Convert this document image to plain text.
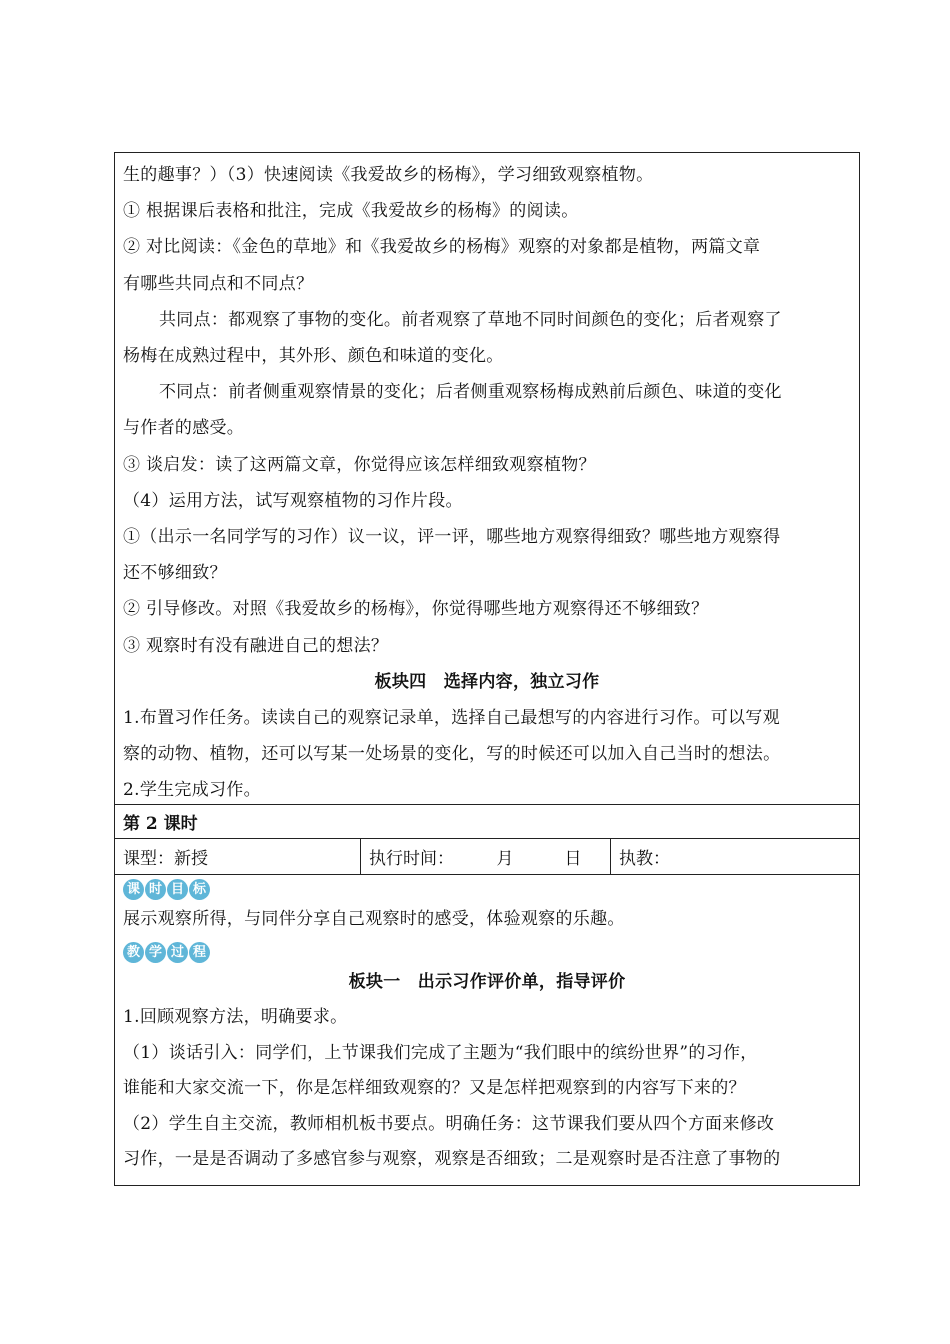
生的趣事？）（3）快速阅读《我爱故乡的杨梅》，学习细致观察植物。
① 根据课后表格和批注，完成《我爱故乡的杨梅》的阅读。
② 对比阅读：《金色的草地》和《我爱故乡的杨梅》观察的对象都是植物，两篇文章
有哪些共同点和不同点？
共同点：都观察了事物的变化。前者观察了草地不同时间颜色的变化；后者观察了
杨梅在成熟过程中，其外形、颜色和味道的变化。
不同点：前者侧重观察情景的变化；后者侧重观察杨梅成熟前后颜色、味道的变化
与作者的感受。
③ 谈启发：读了这两篇文章，你觉得应该怎样细致观察植物？
（4）运用方法，试写观察植物的习作片段。
①（出示一名同学写的习作）议一议，评一评，哪些地方观察得细致？哪些地方观察得
还不够细致？
② 引导修改。对照《我爱故乡的杨梅》，你觉得哪些地方观察得还不够细致？
③ 观察时有没有融进自己的想法？
板块四　选择内容，独立习作
1.布置习作任务。读读自己的观察记录单，选择自己最想写的内容进行习作。可以写观
察的动物、植物，还可以写某一处场景的变化，写的时候还可以加入自己当时的想法。
2.学生完成习作。
第 2 课时
课型：新授	执行时间：　　　月　　　日 执教：
课 时 目 标
展示观察所得，与同伴分享自己观察时的感受，体验观察的乐趣。
教 学 过 程
板块一　出示习作评价单，指导评价
1.回顾观察方法，明确要求。
（1）谈话引入：同学们，上节课我们完成了主题为“我们眼中的缤纷世界”的习作，
谁能和大家交流一下，你是怎样细致观察的？又是怎样把观察到的内容写下来的？
（2）学生自主交流，教师相机板书要点。明确任务：这节课我们要从四个方面来修改
习作，一是是否调动了多感官参与观察，观察是否细致；二是观察时是否注意了事物的
